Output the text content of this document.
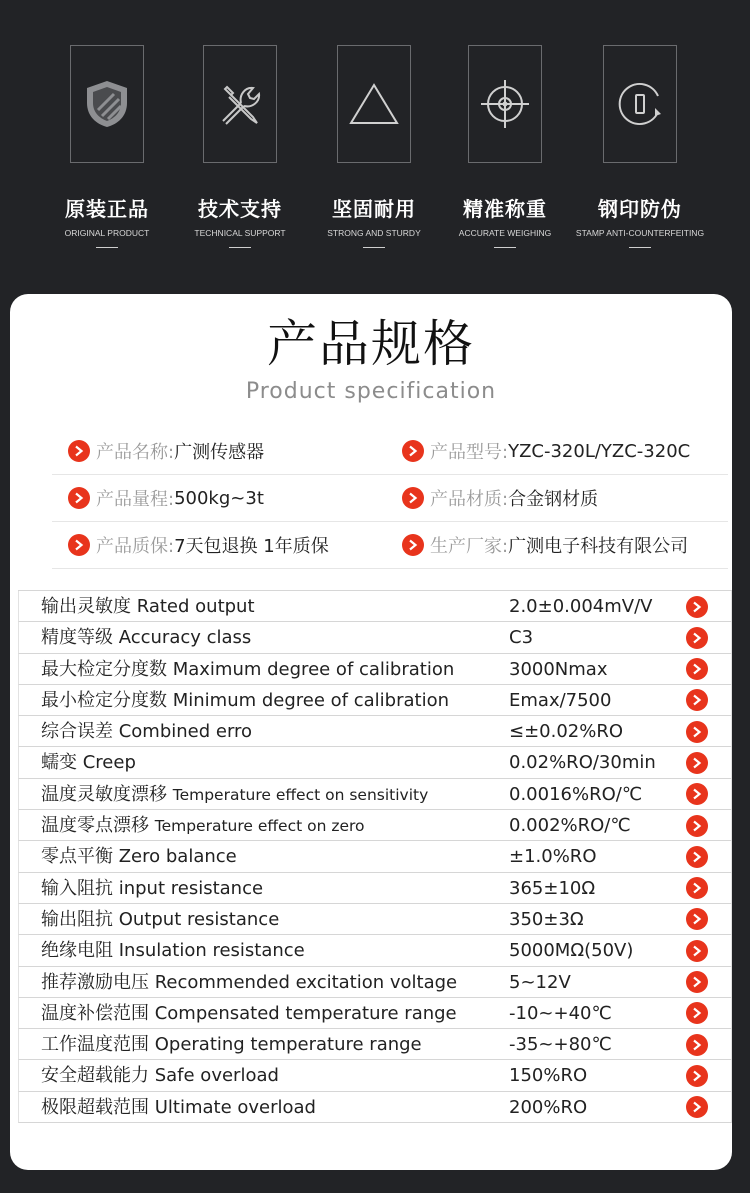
原装正品
ORIGINAL PRODUCT
技术支持
TECHNICAL SUPPORT
坚固耐用
STRONG AND STURDY
精准称重
ACCURATE WEIGHING
钢印防伪
STAMP ANTI-COUNTERFEITING
产品规格
Product specification
产品名称: 广测传感器	产品型号: YZC-320L/YZC-320C
产品量程: 500kg~3t	产品材质: 合金钢材质
产品质保: 7天包退换 1年质保	生产厂家: 广测电子科技有限公司
输出灵敏度 Rated output	2.0±0.004mV/V
精度等级 Accuracy class	C3
最大检定分度数 Maximum degree of calibration	3000Nmax
最小检定分度数 Minimum degree of calibration	Emax/7500
综合误差 Combined erro	≤±0.02%RO
蠕变 Creep	0.02%RO/30min
温度灵敏度漂移 Temperature effect on sensitivity	0.0016%RO/℃
温度零点漂移 Temperature effect on zero	0.002%RO/℃
零点平衡 Zero balance	±1.0%RO
输入阻抗 input resistance	365±10Ω
输出阻抗 Output resistance	350±3Ω
绝缘电阻 Insulation resistance	5000MΩ(50V)
推荐激励电压 Recommended excitation voltage	5~12V
温度补偿范围 Compensated temperature range	-10~+40℃
工作温度范围 Operating temperature range	-35~+80℃
安全超载能力 Safe overload	150%RO
极限超载范围 Ultimate overload	200%RO
